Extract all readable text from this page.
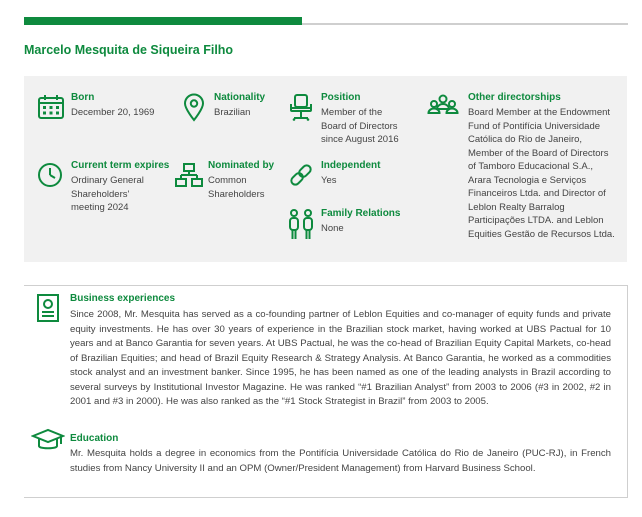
Marcelo Mesquita de Siqueira Filho
Born
December 20, 1969
Nationality
Brazilian
Position
Member of the Board of Directors since August 2016
Other directorships
Board Member at the Endowment Fund of Pontifícia Universidade Católica do Rio de Janeiro, Member of the Board of Directors of Tamboro Educacional S.A., Arara Tecnologia e Serviços Financeiros Ltda. and Director of Leblon Realty Barralog Participações LTDA. and Leblon Equities Gestão de Recursos Ltda.
Current term expires
Ordinary General Shareholders' meeting 2024
Nominated by
Common Shareholders
Independent
Yes
Family Relations
None
Business experiences
Since 2008, Mr. Mesquita has served as a co-founding partner of Leblon Equities and co-manager of equity funds and private equity investments. He has over 30 years of experience in the Brazilian stock market, having worked at UBS Pactual for 10 years and at Banco Garantia for seven years. At UBS Pactual, he was the co-head of Brazilian Equity Capital Markets, co-head of Brazilian Equities; and head of Brazil Equity Research & Strategy Analysis. At Banco Garantia, he worked as a commodities stock analyst and an investment banker. Since 1995, he has been named as one of the leading analysts in Brazil according to several surveys by Institutional Investor Magazine. He was ranked “#1 Brazilian Analyst” from 2003 to 2006 (#3 in 2002, #2 in 2001 and #3 in 2000). He was also ranked as the “#1 Stock Strategist in Brazil” from 2003 to 2005.
Education
Mr. Mesquita holds a degree in economics from the Pontifícia Universidade Católica do Rio de Janeiro (PUC-RJ), in French studies from Nancy University II and an OPM (Owner/President Management) from Harvard Business School.
